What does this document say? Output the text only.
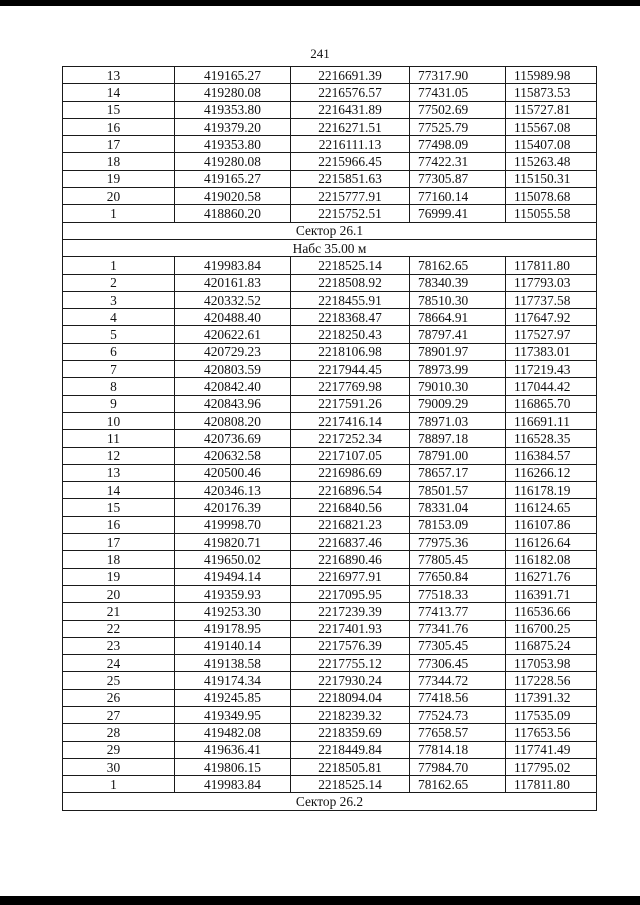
241
13	419165.27	2216691.39	77317.90	115989.98
14	419280.08	2216576.57	77431.05	115873.53
15	419353.80	2216431.89	77502.69	115727.81
16	419379.20	2216271.51	77525.79	115567.08
17	419353.80	2216111.13	77498.09	115407.08
18	419280.08	2215966.45	77422.31	115263.48
19	419165.27	2215851.63	77305.87	115150.31
20	419020.58	2215777.91	77160.14	115078.68
1	418860.20	2215752.51	76999.41	115055.58
Сектор 26.1				
Набс 35.00 м				
1	419983.84	2218525.14	78162.65	117811.80
2	420161.83	2218508.92	78340.39	117793.03
3	420332.52	2218455.91	78510.30	117737.58
4	420488.40	2218368.47	78664.91	117647.92
5	420622.61	2218250.43	78797.41	117527.97
6	420729.23	2218106.98	78901.97	117383.01
7	420803.59	2217944.45	78973.99	117219.43
8	420842.40	2217769.98	79010.30	117044.42
9	420843.96	2217591.26	79009.29	116865.70
10	420808.20	2217416.14	78971.03	116691.11
11	420736.69	2217252.34	78897.18	116528.35
12	420632.58	2217107.05	78791.00	116384.57
13	420500.46	2216986.69	78657.17	116266.12
14	420346.13	2216896.54	78501.57	116178.19
15	420176.39	2216840.56	78331.04	116124.65
16	419998.70	2216821.23	78153.09	116107.86
17	419820.71	2216837.46	77975.36	116126.64
18	419650.02	2216890.46	77805.45	116182.08
19	419494.14	2216977.91	77650.84	116271.76
20	419359.93	2217095.95	77518.33	116391.71
21	419253.30	2217239.39	77413.77	116536.66
22	419178.95	2217401.93	77341.76	116700.25
23	419140.14	2217576.39	77305.45	116875.24
24	419138.58	2217755.12	77306.45	117053.98
25	419174.34	2217930.24	77344.72	117228.56
26	419245.85	2218094.04	77418.56	117391.32
27	419349.95	2218239.32	77524.73	117535.09
28	419482.08	2218359.69	77658.57	117653.56
29	419636.41	2218449.84	77814.18	117741.49
30	419806.15	2218505.81	77984.70	117795.02
1	419983.84	2218525.14	78162.65	117811.80
Сектор 26.2				
